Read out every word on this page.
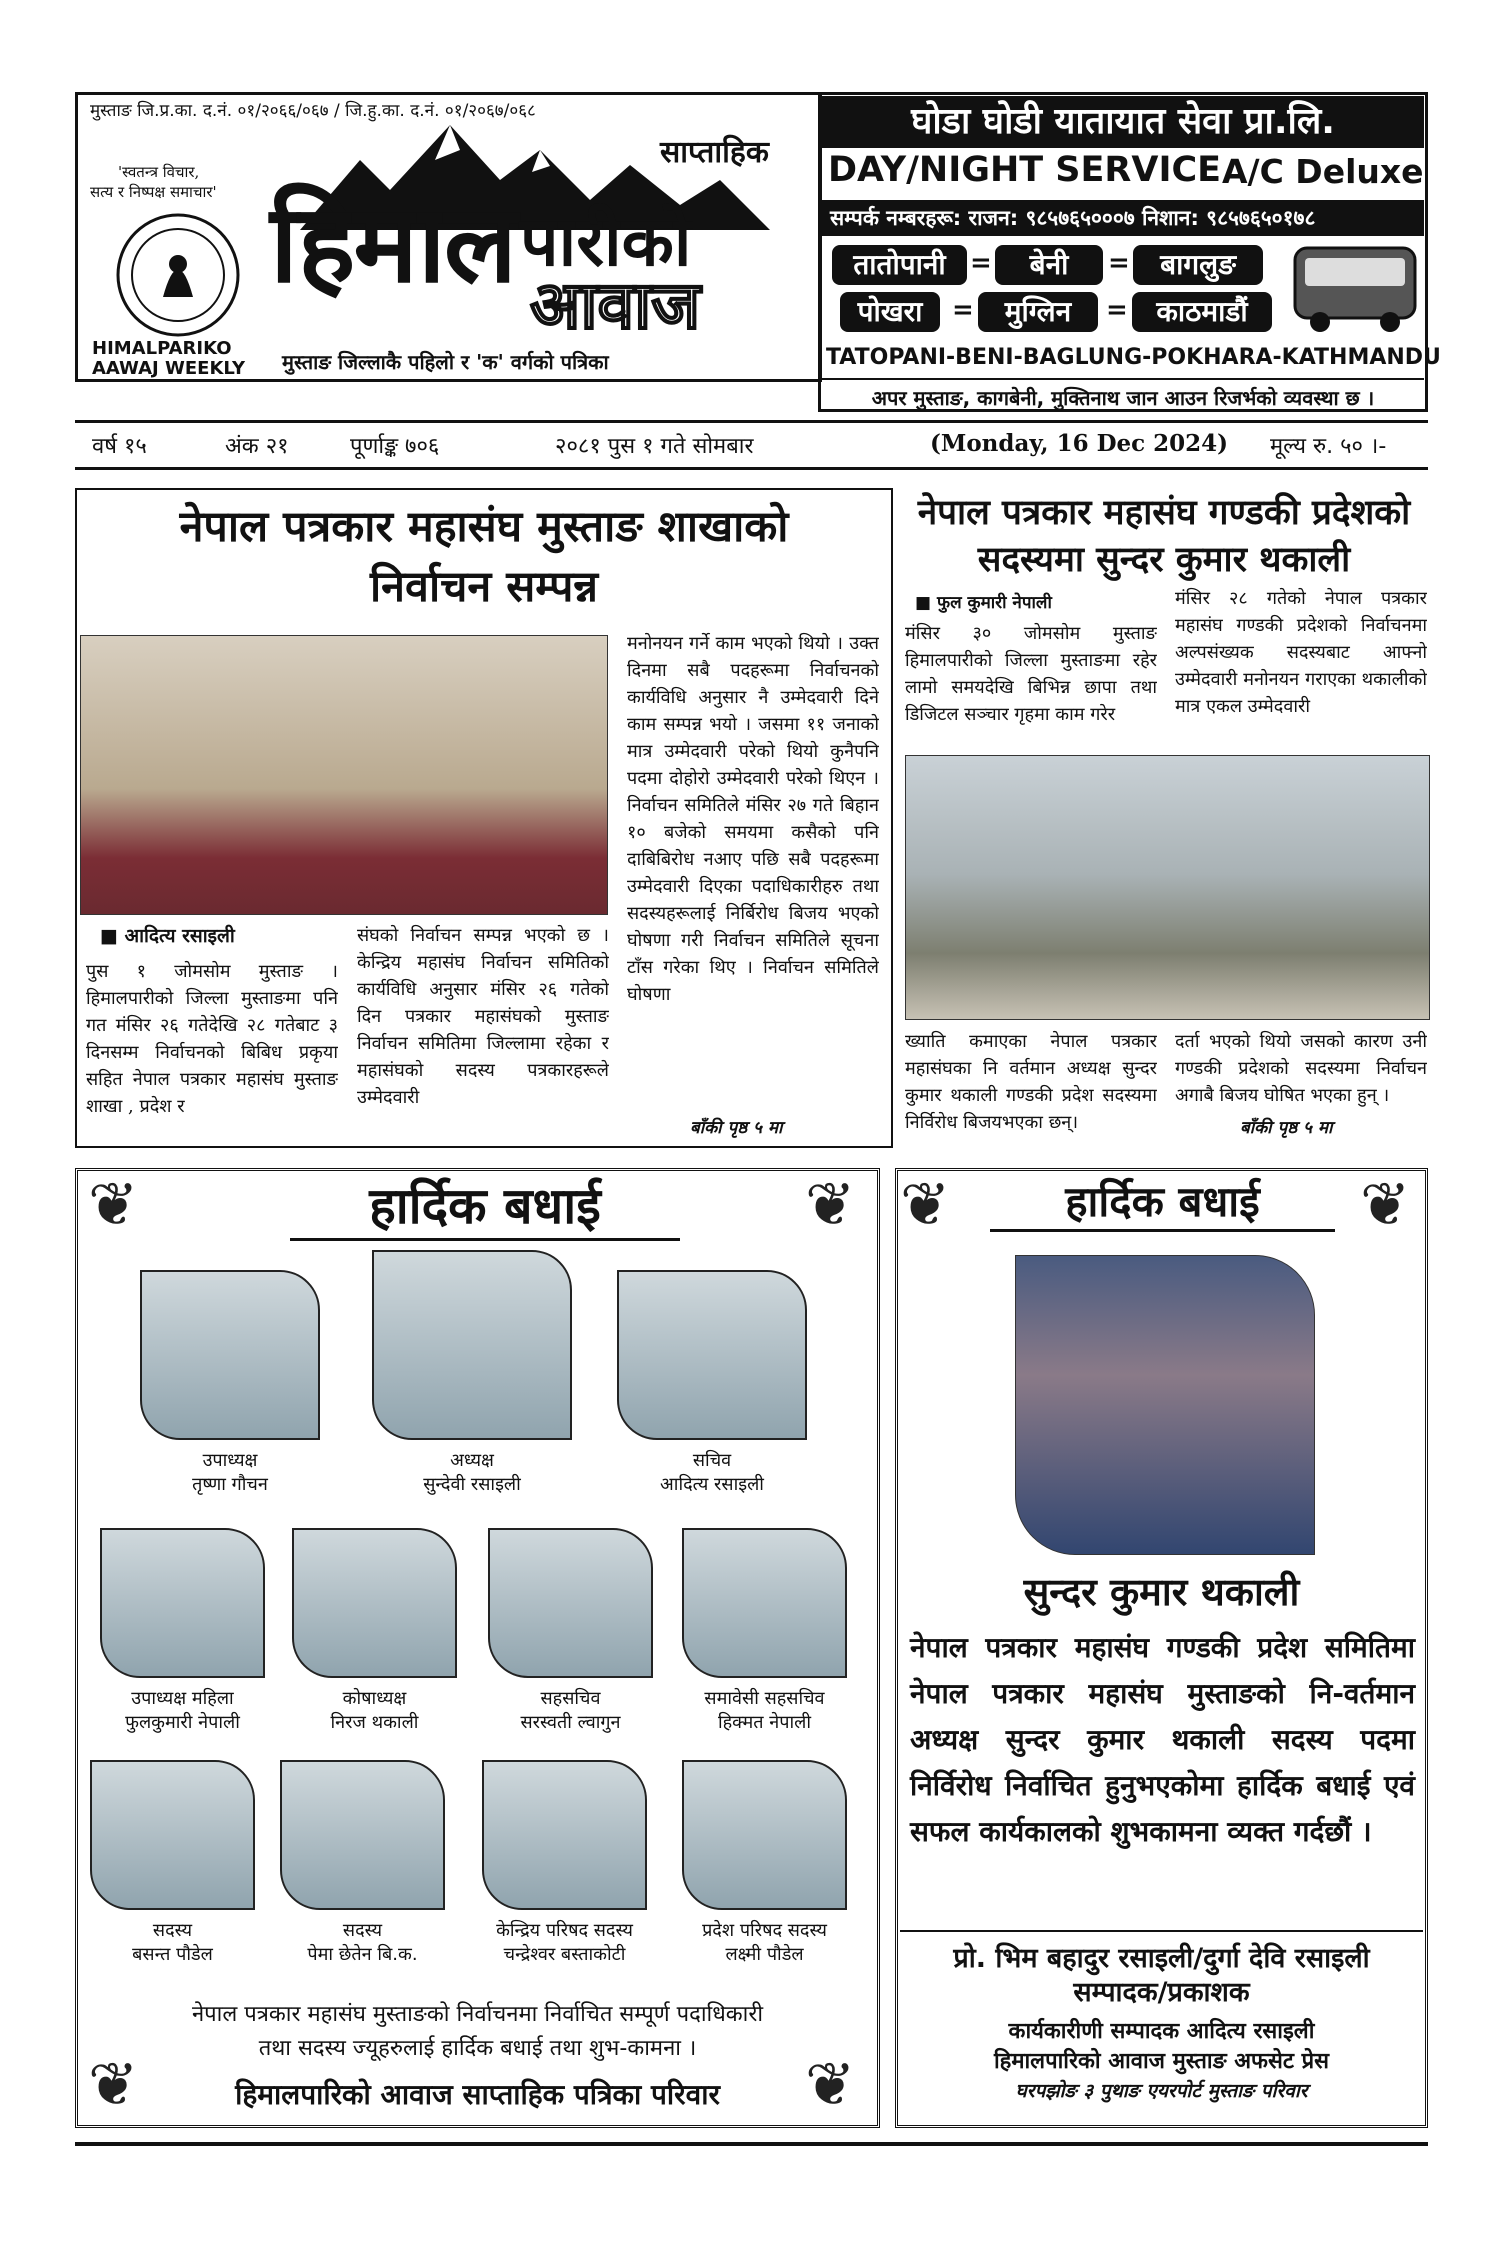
मुस्ताङ जि.प्र.का. द.नं. ०१/२०६६/०६७ / जि.हु.का. द.नं. ०१/२०६७/०६८
'स्वतन्त्र विचार,
सत्य र निष्पक्ष समाचार'
HIMALPARIKO
AAWAJ WEEKLY
साप्ताहिक
हिमाल पारीको
आवाज
मुस्ताङ जिल्लाकै पहिलो र 'क' वर्गको पत्रिका
घोडा घोडी यातायात सेवा प्रा.लि.
DAY/NIGHT SERVICE A/C Deluxe
सम्पर्क नम्बरहरू: राजन: ९८५७६५०००७ निशान: ९८५७६५०१७८
तातोपानी =	बेनी	=	बागलुङ
पोखरा	=	मुग्लिन	=	काठमाडौं
TATOPANI-BENI-BAGLUNG-POKHARA-KATHMANDU
अपर मुस्ताङ, कागबेनी, मुक्तिनाथ जान आउन रिजर्भको व्यवस्था छ ।
वर्ष १५	अंक २१	पूर्णाङ्क ७०६	२०८१ पुस १ गते सोमबार	(Monday, 16 Dec 2024) मूल्य रु. ५० ।-
नेपाल पत्रकार महासंघ मुस्ताङ शाखाको
निर्वाचन सम्पन्न
■ आदित्य रसाइली

पुस १ जोमसोम मुस्ताङ । हिमालपारीको जिल्ला मुस्ताङमा पनि गत मंसिर २६ गतेदेखि २८ गतेबाट ३ दिनसम्म निर्वाचनको बिबिध प्रकृया सहित नेपाल पत्रकार महासंघ मुस्ताङ शाखा , प्रदेश र

संघको निर्वाचन सम्पन्न भएको छ । केन्द्रिय महासंघ निर्वाचन समितिको कार्यविधि अनुसार मंसिर २६ गतेको दिन पत्रकार महासंघको मुस्ताङ निर्वाचन समितिमा जिल्लामा रहेका र महासंघको सदस्य पत्रकारहरूले उम्मेदवारी

मनोनयन गर्ने काम भएको थियो । उक्त दिनमा सबै पदहरूमा निर्वाचनको कार्यविधि अनुसार नै उम्मेदवारी दिने काम सम्पन्न भयो । जसमा ११ जनाको मात्र उम्मेदवारी परेको थियो कुनैपनि पदमा दोहोरो उम्मेदवारी परेको थिएन । निर्वाचन समितिले मंसिर २७ गते बिहान १० बजेको समयमा कसैको पनि दाबिबिरोध नआए पछि सबै पदहरूमा उम्मेदवारी दिएका पदाधिकारीहरु तथा सदस्यहरूलाई निर्बिरोध बिजय भएको घोषणा गरी निर्वाचन समितिले सूचना टाँस गरेका थिए । निर्वाचन समितिले घोषणा

बाँकी पृष्ठ ५ मा
नेपाल पत्रकार महासंघ गण्डकी प्रदेशको
सदस्यमा सुन्दर कुमार थकाली
■ फुल कुमारी नेपाली

मंसिर ३० जोमसोम मुस्ताङ हिमालपारीको जिल्ला मुस्ताङमा रहेर लामो समयदेखि बिभिन्न छापा तथा डिजिटल सञ्चार गृहमा काम गरेर

मंसिर २८ गतेको नेपाल पत्रकार महासंघ गण्डकी प्रदेशको निर्वाचनमा अल्पसंख्यक सदस्यबाट आफ्नो उम्मेदवारी मनोनयन गराएका थकालीको मात्र एकल उम्मेदवारी

ख्याति कमाएका नेपाल पत्रकार महासंघका नि वर्तमान अध्यक्ष सुन्दर कुमार थकाली गण्डकी प्रदेश सदस्यमा निर्विरोध बिजयभएका छन्।

दर्ता भएको थियो जसको कारण उनी गण्डकी प्रदेशको सदस्यमा निर्वाचन अगाबै बिजय घोषित भएका हुन् ।

बाँकी पृष्ठ ५ मा
❦	❦
❦	❦
हार्दिक बधाई
उपाध्यक्ष
तृष्णा गौचन
अध्यक्ष
सुन्देवी रसाइली
सचिव
आदित्य रसाइली
उपाध्यक्ष महिला
फुलकुमारी नेपाली
कोषाध्यक्ष
निरज थकाली
सहसचिव
सरस्वती ल्वागुन
समावेसी सहसचिव
हिक्मत नेपाली
सदस्य
बसन्त पौडेल
सदस्य
पेमा छेतेन बि.क.
केन्द्रिय परिषद सदस्य
चन्द्रेश्वर बस्ताकोटी
प्रदेश परिषद सदस्य
लक्ष्मी पौडेल
नेपाल पत्रकार महासंघ मुस्ताङको निर्वाचनमा निर्वाचित सम्पूर्ण पदाधिकारी
तथा सदस्य ज्यूहरुलाई हार्दिक बधाई तथा शुभ-कामना ।
हिमालपारिको आवाज साप्ताहिक पत्रिका परिवार
❦	❦
हार्दिक बधाई
सुन्दर कुमार थकाली
नेपाल पत्रकार महासंघ गण्डकी प्रदेश समितिमा नेपाल पत्रकार महासंघ मुस्ताङको नि-वर्तमान अध्यक्ष सुन्दर कुमार थकाली सदस्य पदमा निर्विरोध निर्वाचित हुनुभएकोमा हार्दिक बधाई एवं सफल कार्यकालको शुभकामना व्यक्त गर्दछौं ।
प्रो. भिम बहादुर रसाइली/दुर्गा देवि रसाइली
सम्पादक/प्रकाशक
कार्यकारीणी सम्पादक आदित्य रसाइली
हिमालपारिको आवाज मुस्ताङ अफसेट प्रेस
घरपझोङ ३ पुथाङ एयरपोर्ट मुस्ताङ परिवार
